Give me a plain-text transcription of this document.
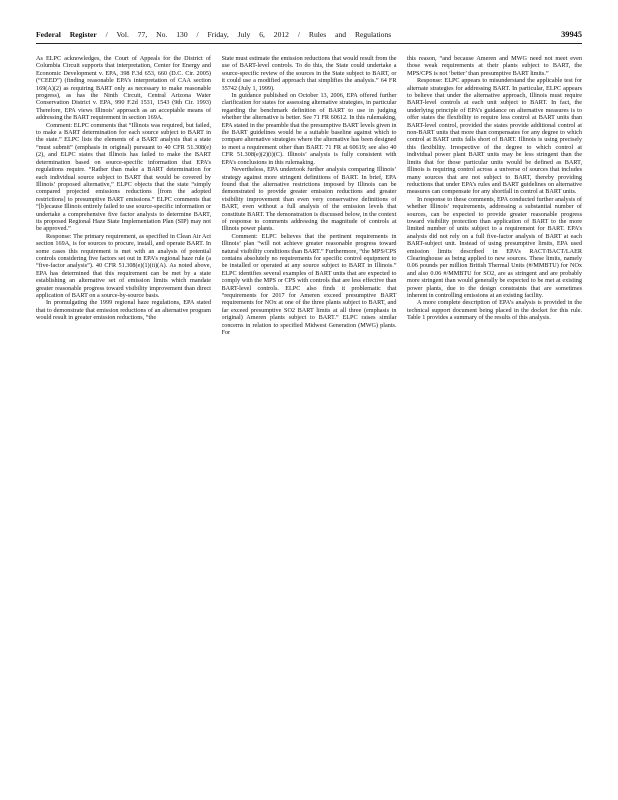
Federal Register / Vol. 77, No. 130 / Friday, July 6, 2012 / Rules and Regulations	39945

As ELPC acknowledges, the Court of Appeals for the District of Columbia Circuit supports that interpretation, Center for Energy and Economic Development v. EPA, 398 F.3d 653, 660 (D.C. Cir. 2005) (“CEED”) (finding reasonable EPA’s interpretation of CAA section 169(A)(2) as requiring BART only as necessary to make reasonable progress), as has the Ninth Circuit, Central Arizona Water Conservation District v. EPA, 990 F.2d 1531, 1543 (9th Cir. 1993) Therefore, EPA views Illinois’ approach as an acceptable means of addressing the BART requirement in section 169A.

Comment: ELPC comments that “Illinois was required, but failed, to make a BART determination for each source subject to BART in the state.” ELPC lists the elements of a BART analysis that a state “must submit” (emphasis in original) pursuant to 40 CFR 51.308(e)(2), and ELPC states that Illinois has failed to make the BART determination based on source-specific information that EPA’s regulations require. “Rather than make a BART determination for each individual source subject to BART that would be covered by Illinois’ proposed alternative,” ELPC objects that the state “simply compared projected emissions reductions [from the adopted restrictions] to presumptive BART emissions.” ELPC comments that “[b]ecause Illinois entirely failed to use source-specific information or undertake a comprehensive five factor analysis to determine BART, its proposed Regional Haze State Implementation Plan (SIP) may not be approved.”

Response: The primary requirement, as specified in Clean Air Act section 169A, is for sources to procure, install, and operate BART. In some cases this requirement is met with an analysis of potential controls considering five factors set out in EPA’s regional haze rule (a “five-factor analysis”). 40 CFR 51.308(e)(1)(ii)(A). As noted above, EPA has determined that this requirement can be met by a state establishing an alternative set of emission limits which mandate greater reasonable progress toward visibility improvement than direct application of BART on a source-by-source basis.

In promulgating the 1999 regional haze regulations, EPA stated that to demonstrate that emission reductions of an alternative program would result in greater emission reductions, “the

State must estimate the emission reductions that would result from the use of BART-level controls. To do this, the State could undertake a source-specific review of the sources in the State subject to BART, or it could use a modified approach that simplifies the analysis.” 64 FR 35742 (July 1, 1999).

In guidance published on October 13, 2006, EPA offered further clarification for states for assessing alternative strategies, in particular regarding the benchmark definition of BART to use in judging whether the alternative is better. See 71 FR 60612. In this rulemaking, EPA stated in the preamble that the presumptive BART levels given in the BART guidelines would be a suitable baseline against which to compare alternative strategies where the alternative has been designed to meet a requirement other than BART. 71 FR at 60619; see also 40 CFR 51.308(e)(2)(i)(C). Illinois’ analysis is fully consistent with EPA’s conclusions in this rulemaking.

Nevertheless, EPA undertook further analysis comparing Illinois’ strategy against more stringent definitions of BART. In brief, EPA found that the alternative restrictions imposed by Illinois can be demonstrated to provide greater emission reductions and greater visibility improvement than even very conservative definitions of BART, even without a full analysis of the emission levels that constitute BART. The demonstration is discussed below, in the context of response to comments addressing the magnitude of controls at Illinois power plants.

Comment: ELPC believes that the pertinent requirements in Illinois’ plan “will not achieve greater reasonable progress toward natural visibility conditions than BART.” Furthermore, “the MPS/CPS contains absolutely no requirements for specific control equipment to be installed or operated at any source subject to BART in Illinois.” ELPC identifies several examples of BART units that are expected to comply with the MPS or CPS with controls that are less effective than BART-level controls. ELPC also finds it problematic that “requirements for 2017 for Ameren exceed presumptive BART requirements for NOx at one of the three plants subject to BART, and far exceed presumptive SO2 BART limits at all three (emphasis in original) Ameren plants subject to BART.” ELPC raises similar concerns in relation to specified Midwest Generation (MWG) plants. For

this reason, “and because Ameren and MWG need not meet even those weak requirements at their plants subject to BART, the MPS/CPS is not ‘better’ than presumptive BART limits.”

Response: ELPC appears to misunderstand the applicable test for alternate strategies for addressing BART. In particular, ELPC appears to believe that under the alternative approach, Illinois must require BART-level controls at each unit subject to BART. In fact, the underlying principle of EPA’s guidance on alternative measures is to offer states the flexibility to require less control at BART units than BART-level control, provided the states provide additional control at non-BART units that more than compensates for any degree to which control at BART units falls short of BART. Illinois is using precisely this flexibility. Irrespective of the degree to which control at individual power plant BART units may be less stringent than the limits that for those particular units would be defined as BART, Illinois is requiring control across a universe of sources that includes many sources that are not subject to BART, thereby providing reductions that under EPA’s rules and BART guidelines on alternative measures can compensate for any shortfall in control at BART units.

In response to these comments, EPA conducted further analysis of whether Illinois’ requirements, addressing a substantial number of sources, can be expected to provide greater reasonable progress toward visibility protection than application of BART to the more limited number of units subject to a requirement for BART. EPA’s analysis did not rely on a full five-factor analysis of BART at each BART-subject unit. Instead of using presumptive limits, EPA used emission limits described in EPA’s RACT/BACT/LAER Clearinghouse as being applied to new sources. These limits, namely 0.06 pounds per million British Thermal Units (#/MMBTU) for NOx and also 0.06 #/MMBTU for SO2, are as stringent and are probably more stringent than would generally be expected to be met at existing power plants, due to the design constraints that are sometimes inherent in controlling emissions at an existing facility.

A more complete description of EPA’s analysis is provided in the technical support document being placed in the docket for this rule. Table 1 provides a summary of the results of this analysis.
